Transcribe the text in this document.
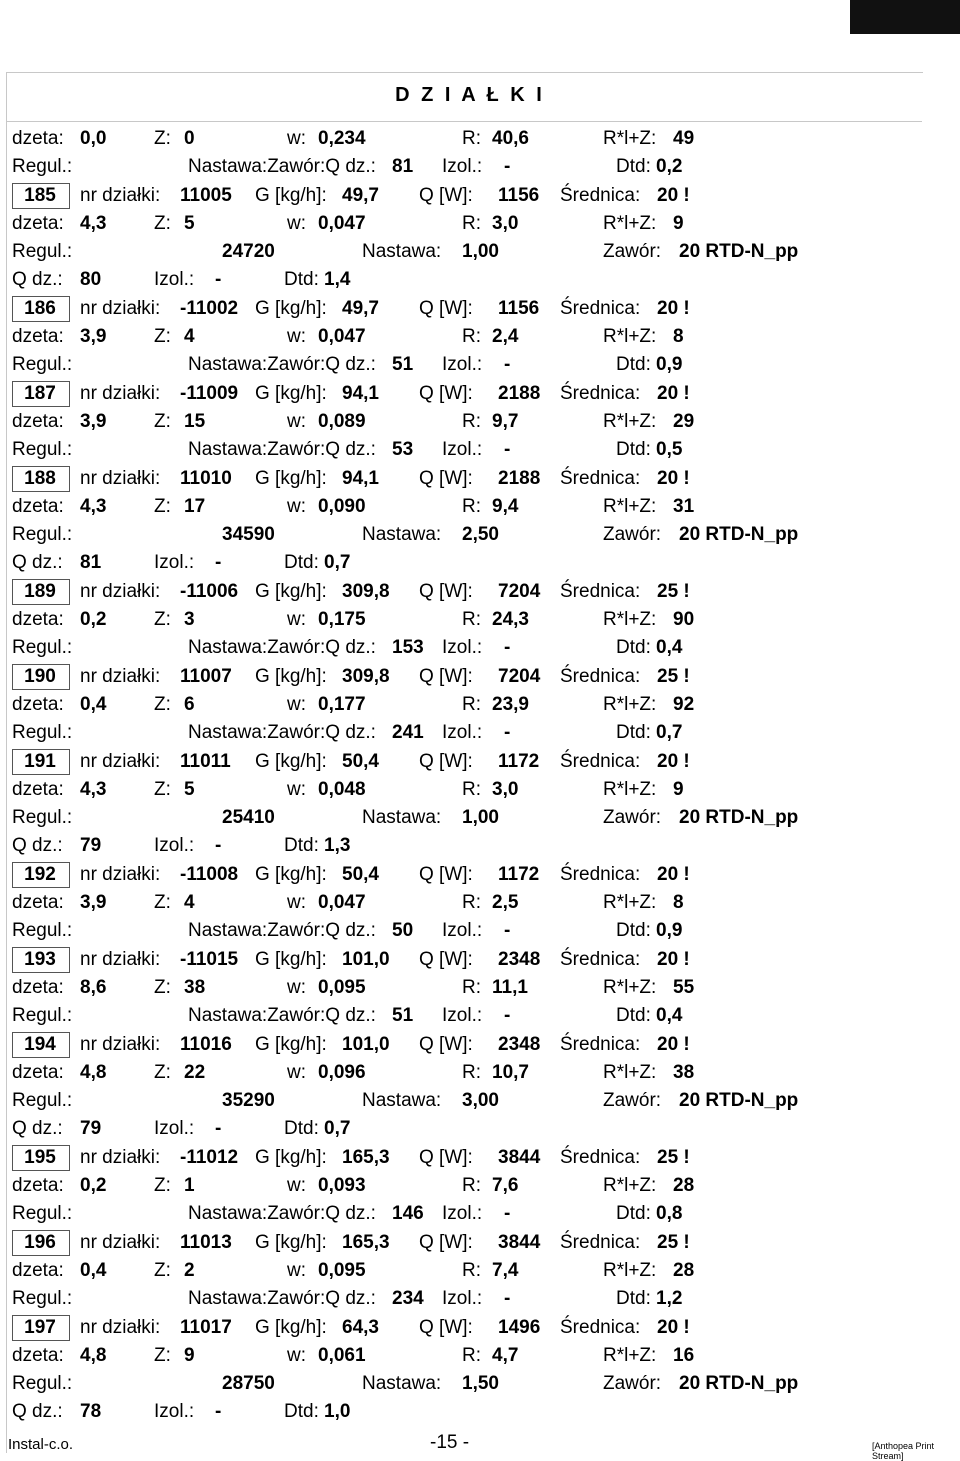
D Z I A Ł K I
dzeta: 0,0	Z: 0	w: 0,234	R: 40,6	R*l+Z: 49
Regul.:	Nastawa:Zawór:Q dz.: 81 Izol.: -	Dtd: 0,2
185	nr działki: 11005 G [kg/h]: 49,7 Q [W]: 1156 Średnica: 20 !
dzeta: 4,3	Z: 5	w: 0,047	R: 3,0	R*l+Z: 9
Regul.:	24720	Nastawa: 1,00	Zawór: 20 RTD-N_pp
Q dz.: 80	Izol.: -	Dtd: 1,4
186	nr działki: -11002 G [kg/h]: 49,7 Q [W]: 1156 Średnica: 20 !
dzeta: 3,9	Z: 4	w: 0,047	R: 2,4	R*l+Z: 8
Regul.:	Nastawa:Zawór:Q dz.: 51 Izol.: -	Dtd: 0,9
187	nr działki: -11009 G [kg/h]: 94,1 Q [W]: 2188 Średnica: 20 !
dzeta: 3,9	Z: 15	w: 0,089	R: 9,7	R*l+Z: 29
Regul.:	Nastawa:Zawór:Q dz.: 53 Izol.: -	Dtd: 0,5
188	nr działki: 11010 G [kg/h]: 94,1 Q [W]: 2188 Średnica: 20 !
dzeta: 4,3	Z: 17	w: 0,090	R: 9,4	R*l+Z: 31
Regul.:	34590	Nastawa: 2,50	Zawór: 20 RTD-N_pp
Q dz.: 81	Izol.: -	Dtd: 0,7
189	nr działki: -11006 G [kg/h]: 309,8 Q [W]: 7204 Średnica: 25 !
dzeta: 0,2	Z: 3	w: 0,175	R: 24,3	R*l+Z: 90
Regul.:	Nastawa:Zawór:Q dz.: 153 Izol.: -	Dtd: 0,4
190	nr działki: 11007 G [kg/h]: 309,8 Q [W]: 7204 Średnica: 25 !
dzeta: 0,4	Z: 6	w: 0,177	R: 23,9	R*l+Z: 92
Regul.:	Nastawa:Zawór:Q dz.: 241 Izol.: -	Dtd: 0,7
191	nr działki: 11011 G [kg/h]: 50,4 Q [W]: 1172 Średnica: 20 !
dzeta: 4,3	Z: 5	w: 0,048	R: 3,0	R*l+Z: 9
Regul.:	25410	Nastawa: 1,00	Zawór: 20 RTD-N_pp
Q dz.: 79	Izol.: -	Dtd: 1,3
192	nr działki: -11008 G [kg/h]: 50,4 Q [W]: 1172 Średnica: 20 !
dzeta: 3,9	Z: 4	w: 0,047	R: 2,5	R*l+Z: 8
Regul.:	Nastawa:Zawór:Q dz.: 50 Izol.: -	Dtd: 0,9
193	nr działki: -11015 G [kg/h]: 101,0 Q [W]: 2348 Średnica: 20 !
dzeta: 8,6	Z: 38	w: 0,095	R: 11,1	R*l+Z: 55
Regul.:	Nastawa:Zawór:Q dz.: 51 Izol.: -	Dtd: 0,4
194	nr działki: 11016 G [kg/h]: 101,0 Q [W]: 2348 Średnica: 20 !
dzeta: 4,8	Z: 22	w: 0,096	R: 10,7	R*l+Z: 38
Regul.:	35290	Nastawa: 3,00	Zawór: 20 RTD-N_pp
Q dz.: 79	Izol.: -	Dtd: 0,7
195	nr działki: -11012 G [kg/h]: 165,3 Q [W]: 3844 Średnica: 25 !
dzeta: 0,2	Z: 1	w: 0,093	R: 7,6	R*l+Z: 28
Regul.:	Nastawa:Zawór:Q dz.: 146 Izol.: -	Dtd: 0,8
196	nr działki: 11013 G [kg/h]: 165,3 Q [W]: 3844 Średnica: 25 !
dzeta: 0,4	Z: 2	w: 0,095	R: 7,4	R*l+Z: 28
Regul.:	Nastawa:Zawór:Q dz.: 234 Izol.: -	Dtd: 1,2
197	nr działki: 11017 G [kg/h]: 64,3 Q [W]: 1496 Średnica: 20 !
dzeta: 4,8	Z: 9	w: 0,061	R: 4,7	R*l+Z: 16
Regul.:	28750	Nastawa: 1,50	Zawór: 20 RTD-N_pp
Q dz.: 78	Izol.: -	Dtd: 1,0
Instal-c.o.	-15 -	[Anthopea Print Stream]
